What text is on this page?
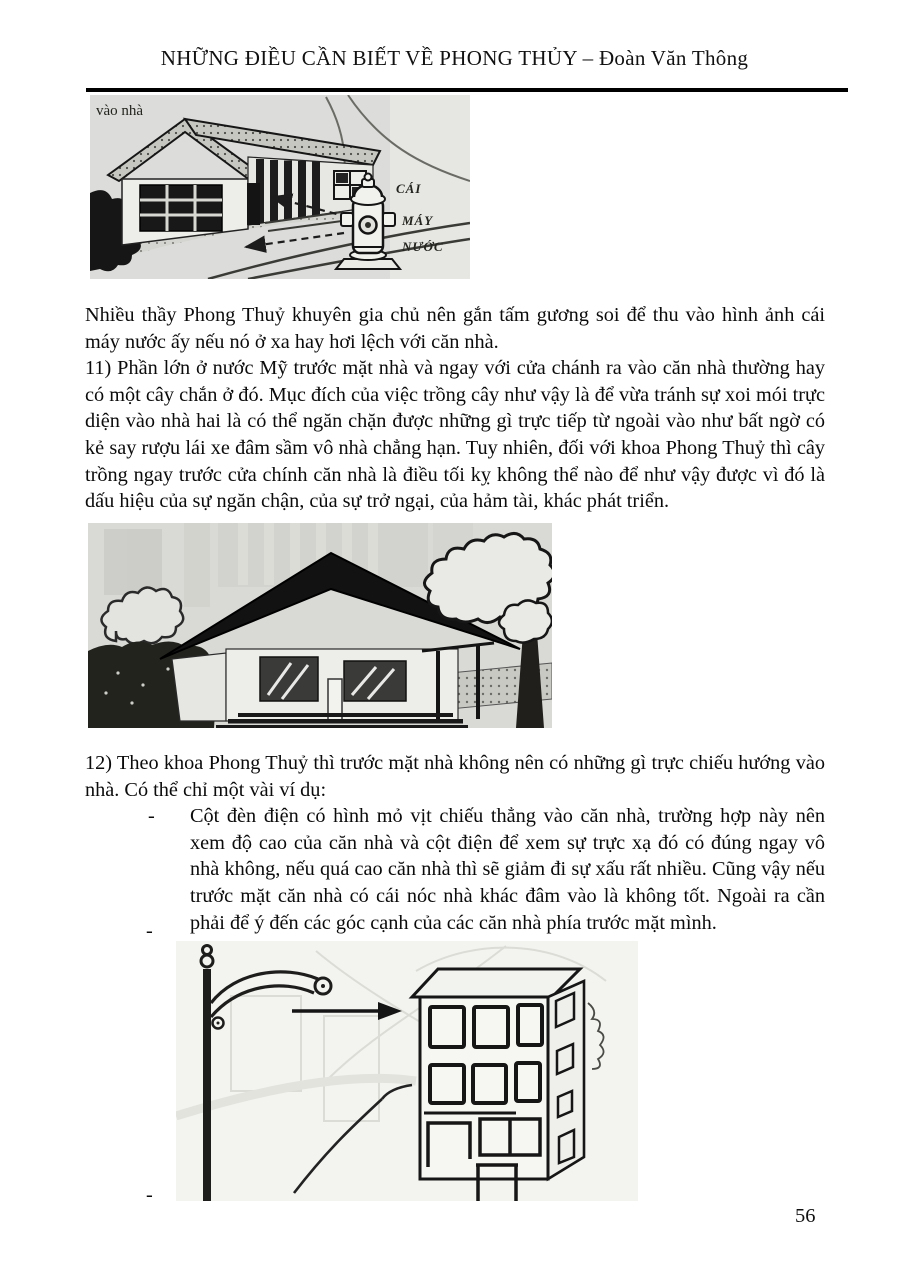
NHỮNG ĐIỀU CẦN BIẾT VỀ PHONG THỦY – Đoàn Văn Thông
vào nhà
CÁI
MÁY
NƯỚC

Nhiều thầy Phong Thuỷ khuyên gia chủ nên gắn tấm gương soi để thu vào hình ảnh cái máy nước ấy nếu nó ở xa hay hơi lệch với căn nhà.

11) Phần lớn ở nước Mỹ trước mặt nhà và ngay với cửa chánh ra vào căn nhà thường hay có một cây chắn ở đó. Mục đích của việc trồng cây như vậy là để vừa tránh sự xoi mói trực diện vào nhà hai là có thể ngăn chặn được những gì trực tiếp từ ngoài vào như bất ngờ có kẻ say rượu lái xe đâm sầm vô nhà chẳng hạn. Tuy nhiên, đối với khoa Phong Thuỷ thì cây trồng ngay trước cửa chính căn nhà là điều tối kỵ không thể nào để như vậy được vì đó là dấu hiệu của sự ngăn chận, của sự trở ngại, của hảm tài, khác phát triển.

12) Theo khoa Phong Thuỷ thì trước mặt nhà không nên có những gì trực chiếu hướng vào nhà. Có thể chỉ một vài ví dụ:

-	Cột đèn điện có hình mỏ vịt chiếu thẳng vào căn nhà, trường hợp này nên xem độ cao của căn nhà và cột điện để xem sự trực xạ đó có đúng ngay vô nhà không, nếu quá cao căn nhà thì sẽ giảm đi sự xấu rất nhiều. Cũng vậy nếu trước mặt căn nhà có cái nóc nhà khác đâm vào là không tốt. Ngoài ra cần phải để ý đến các góc cạnh của các căn nhà phía trước mặt mình.

-
-
56
